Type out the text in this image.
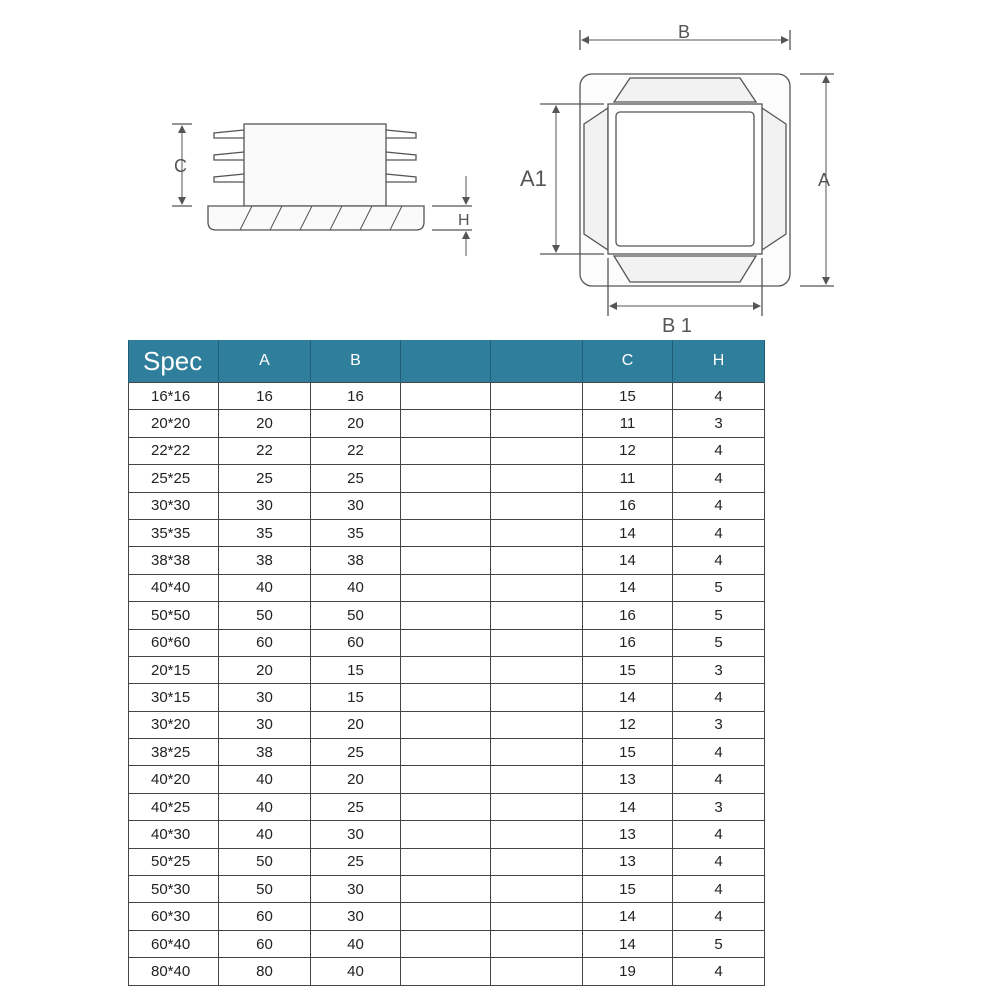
C
H
B
A
A1
B 1
Spec	A	B			C	H
16*16	16	16			15	4
20*20	20	20			11	3
22*22	22	22			12	4
25*25	25	25			11	4
30*30	30	30			16	4
35*35	35	35			14	4
38*38	38	38			14	4
40*40	40	40			14	5
50*50	50	50			16	5
60*60	60	60			16	5
20*15	20	15			15	3
30*15	30	15			14	4
30*20	30	20			12	3
38*25	38	25			15	4
40*20	40	20			13	4
40*25	40	25			14	3
40*30	40	30			13	4
50*25	50	25			13	4
50*30	50	30			15	4
60*30	60	30			14	4
60*40	60	40			14	5
80*40	80	40			19	4
